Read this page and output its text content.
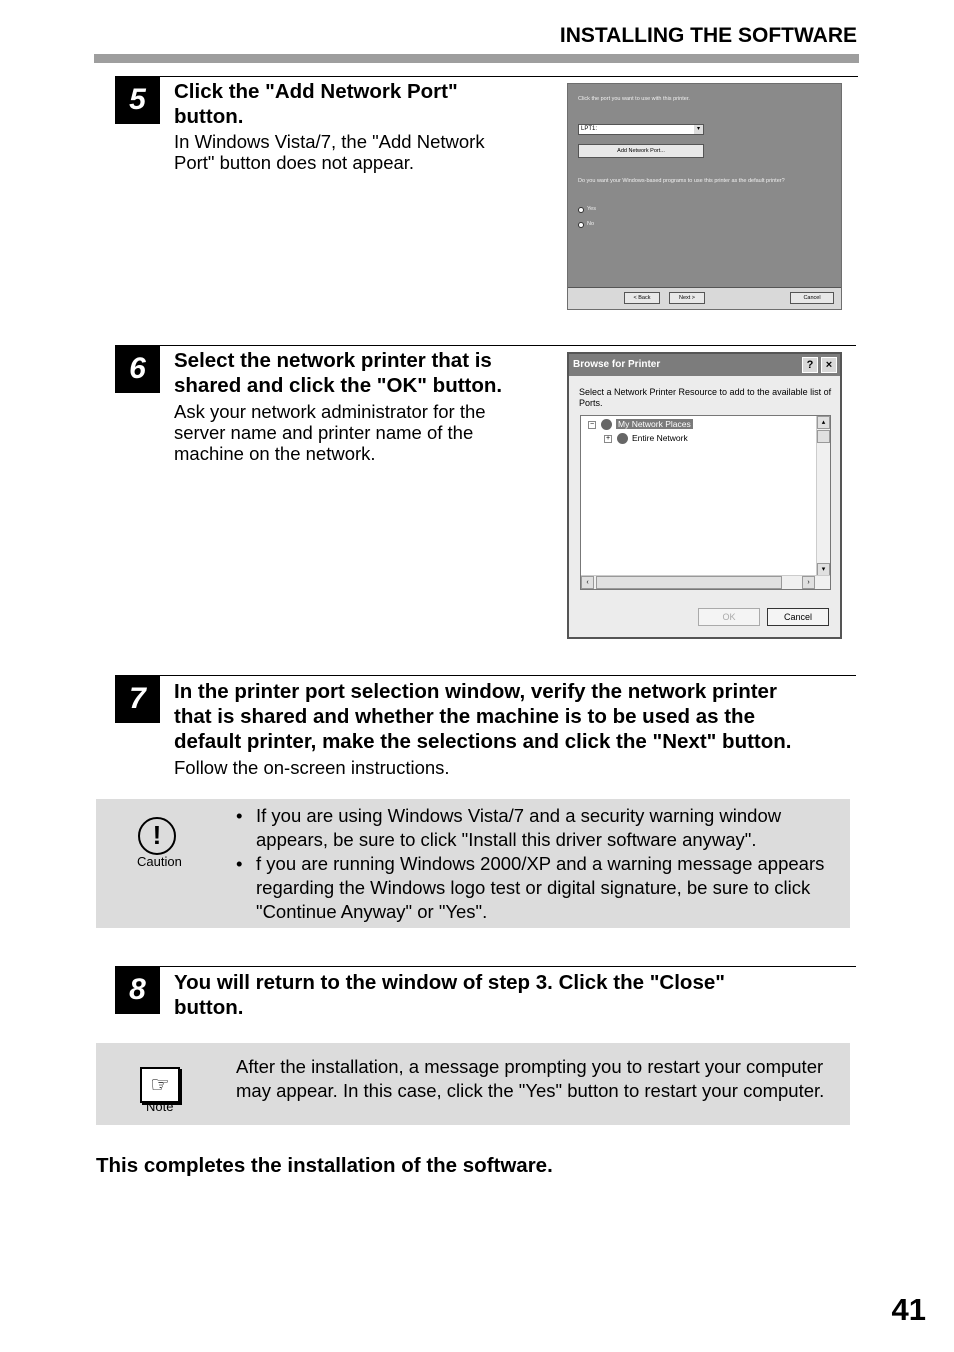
INSTALLING THE SOFTWARE
5	Click the "Add Network Port"
button.
In Windows Vista/7, the "Add Network
Port" button does not appear.
Click the port you want to use with this printer.
LPT1:	▾
Add Network Port...
Do you want your Windows-based programs to use this printer as the default printer?
Yes
No
< Back	Next >	Cancel
6	Select the network printer that is
shared and click the "OK" button.
Ask your network administrator for the
server name and printer name of the
machine on the network.
Browse for Printer	?	×
Select a Network Printer Resource to add to the available list of Ports.
−	My Network Places
+	Entire Network
▴
▾
‹	›
OK	Cancel
7	In the printer port selection window, verify the network printer
that is shared and whether the machine is to be used as the
default printer, make the selections and click the "Next" button.
Follow the on-screen instructions.
!
Caution
• If you are using Windows Vista/7 and a security warning window appears, be sure to click "Install this driver software anyway".
• f you are running Windows 2000/XP and a warning message appears regarding the Windows logo test or digital signature, be sure to click "Continue Anyway" or "Yes".
8	You will return to the window of step 3. Click the "Close"
button.
☞
Note
After the installation, a message prompting you to restart your computer may appear. In this case, click the "Yes" button to restart your computer.
This completes the installation of the software.
41
